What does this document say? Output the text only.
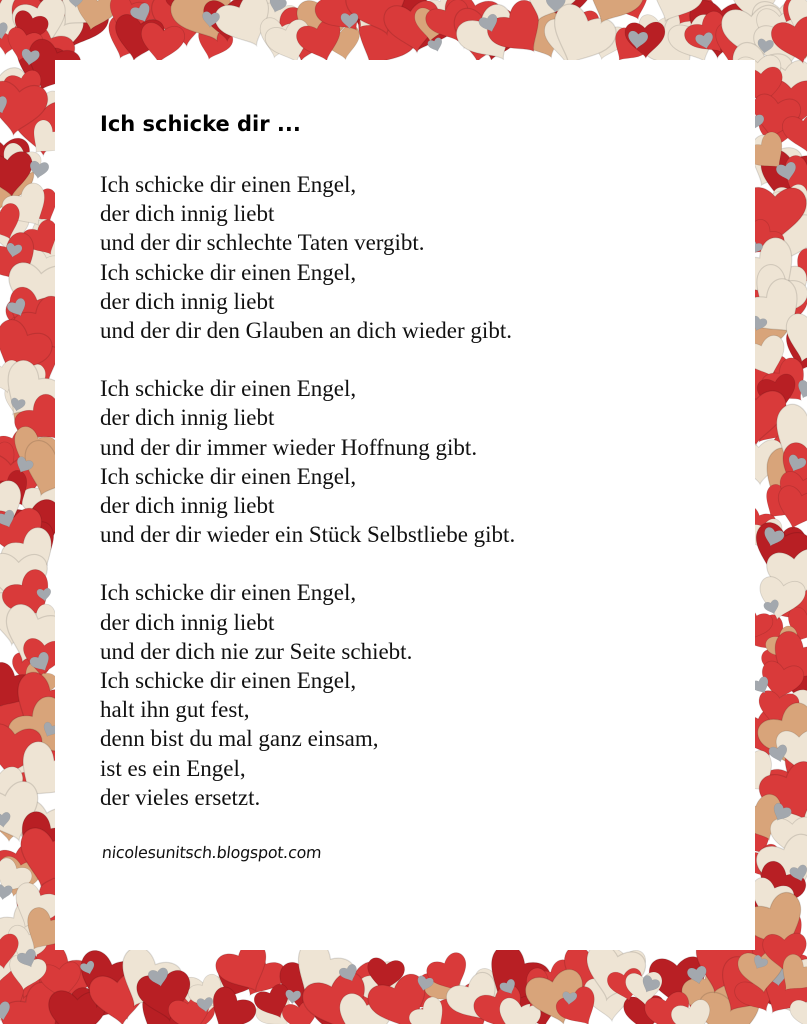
Ich schicke dir ...
Ich schicke dir einen Engel,
der dich innig liebt
und der dir schlechte Taten vergibt.
Ich schicke dir einen Engel,
der dich innig liebt
und der dir den Glauben an dich wieder gibt.
Ich schicke dir einen Engel,
der dich innig liebt
und der dir immer wieder Hoffnung gibt.
Ich schicke dir einen Engel,
der dich innig liebt
und der dir wieder ein Stück Selbstliebe gibt.
Ich schicke dir einen Engel,
der dich innig liebt
und der dich nie zur Seite schiebt.
Ich schicke dir einen Engel,
halt ihn gut fest,
denn bist du mal ganz einsam,
ist es ein Engel,
der vieles ersetzt.
nicolesunitsch.blogspot.com
